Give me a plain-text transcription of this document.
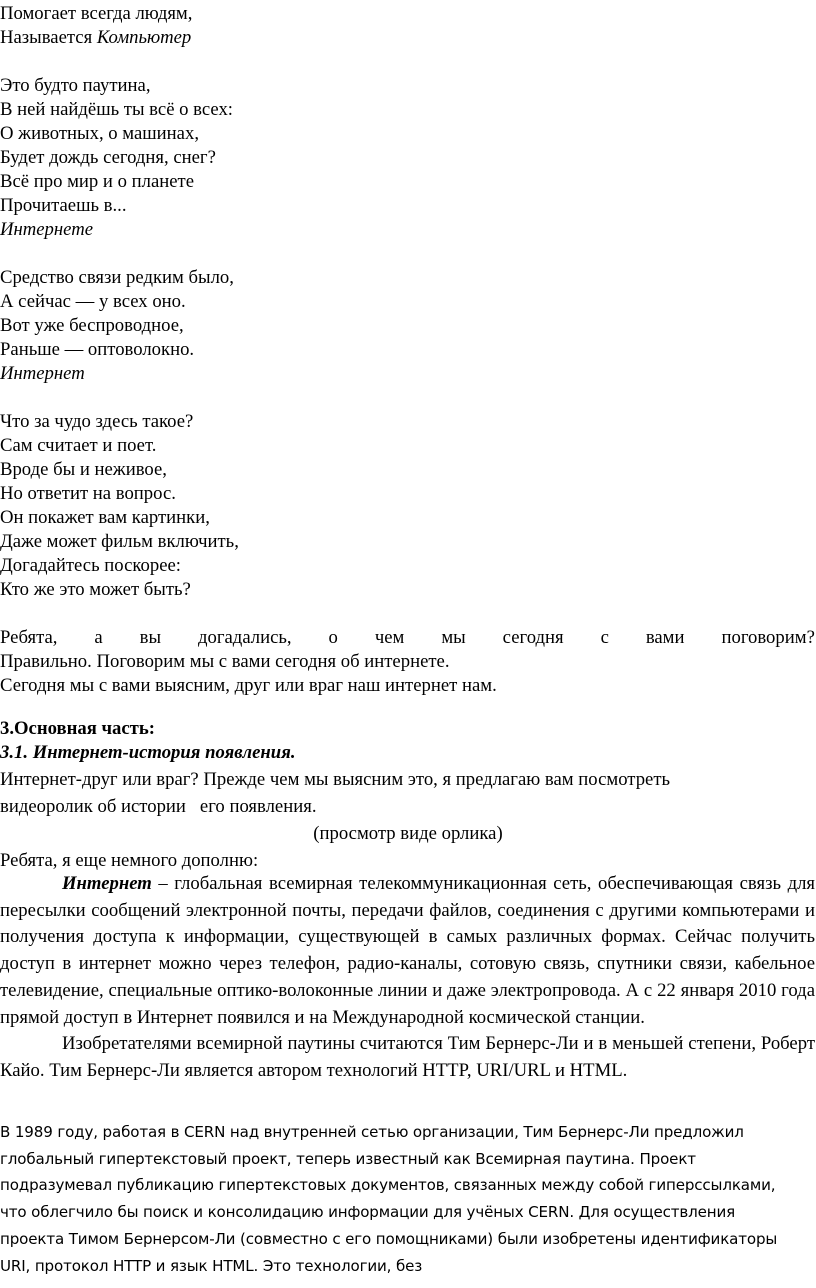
Помогает всегда людям,
Называется Компьютер
Это будто паутина,
В ней найдёшь ты всё о всех:
О животных, о машинах,
Будет дождь сегодня, снег?
Всё про мир и о планете
Прочитаешь в...
Интернете
Средство связи редким было,
А сейчас — у всех оно.
Вот уже беспроводное,
Раньше — оптоволокно.
Интернет
Что за чудо здесь такое?
Сам считает и поет.
Вроде бы и неживое,
Но ответит на вопрос.
Он покажет вам картинки,
Даже может фильм включить,
Догадайтесь поскорее:
Кто же это может быть?
Ребята, а вы догадались, о чем мы сегодня с вами поговорим?
Правильно. Поговорим мы с вами сегодня об интернете.
Сегодня мы с вами выясним, друг или враг наш интернет нам.
3.Основная часть:
3.1. Интернет-история появления.
Интернет-друг или враг? Прежде чем мы выясним это, я предлагаю вам посмотреть
видеоролик об истории   его появления.
(просмотр виде орлика)
Ребята, я еще немного дополню:

Интернет – глобальная всемирная телекоммуникационная сеть, обеспечивающая связь для пересылки сообщений электронной почты, передачи файлов, соединения с другими компьютерами и получения доступа к информации, существующей в самых различных формах. Сейчас получить доступ в интернет можно через телефон, радио-каналы, сотовую связь, спутники связи, кабельное телевидение, специальные оптико-волоконные линии и даже электропровода. А с 22 января 2010 года прямой доступ в Интернет появился и на Международной космической станции.

Изобретателями всемирной паутины считаются Тим Бернерс-Ли и в меньшей степени, Роберт Кайо. Тим Бернерс-Ли является автором технологий HTTP, URI/URL и HTML.

В 1989 году, работая в CERN над внутренней сетью организации, Тим Бернерс-Ли предложил
глобальный гипертекстовый проект, теперь известный как Всемирная паутина. Проект
подразумевал публикацию гипертекстовых документов, связанных между собой гиперссылками,
что облегчило бы поиск и консолидацию информации для учёных CERN. Для осуществления
проекта Тимом Бернерсом-Ли (совместно с его помощниками) были изобретены идентификаторы
URI, протокол HTTP и язык HTML. Это технологии, без
